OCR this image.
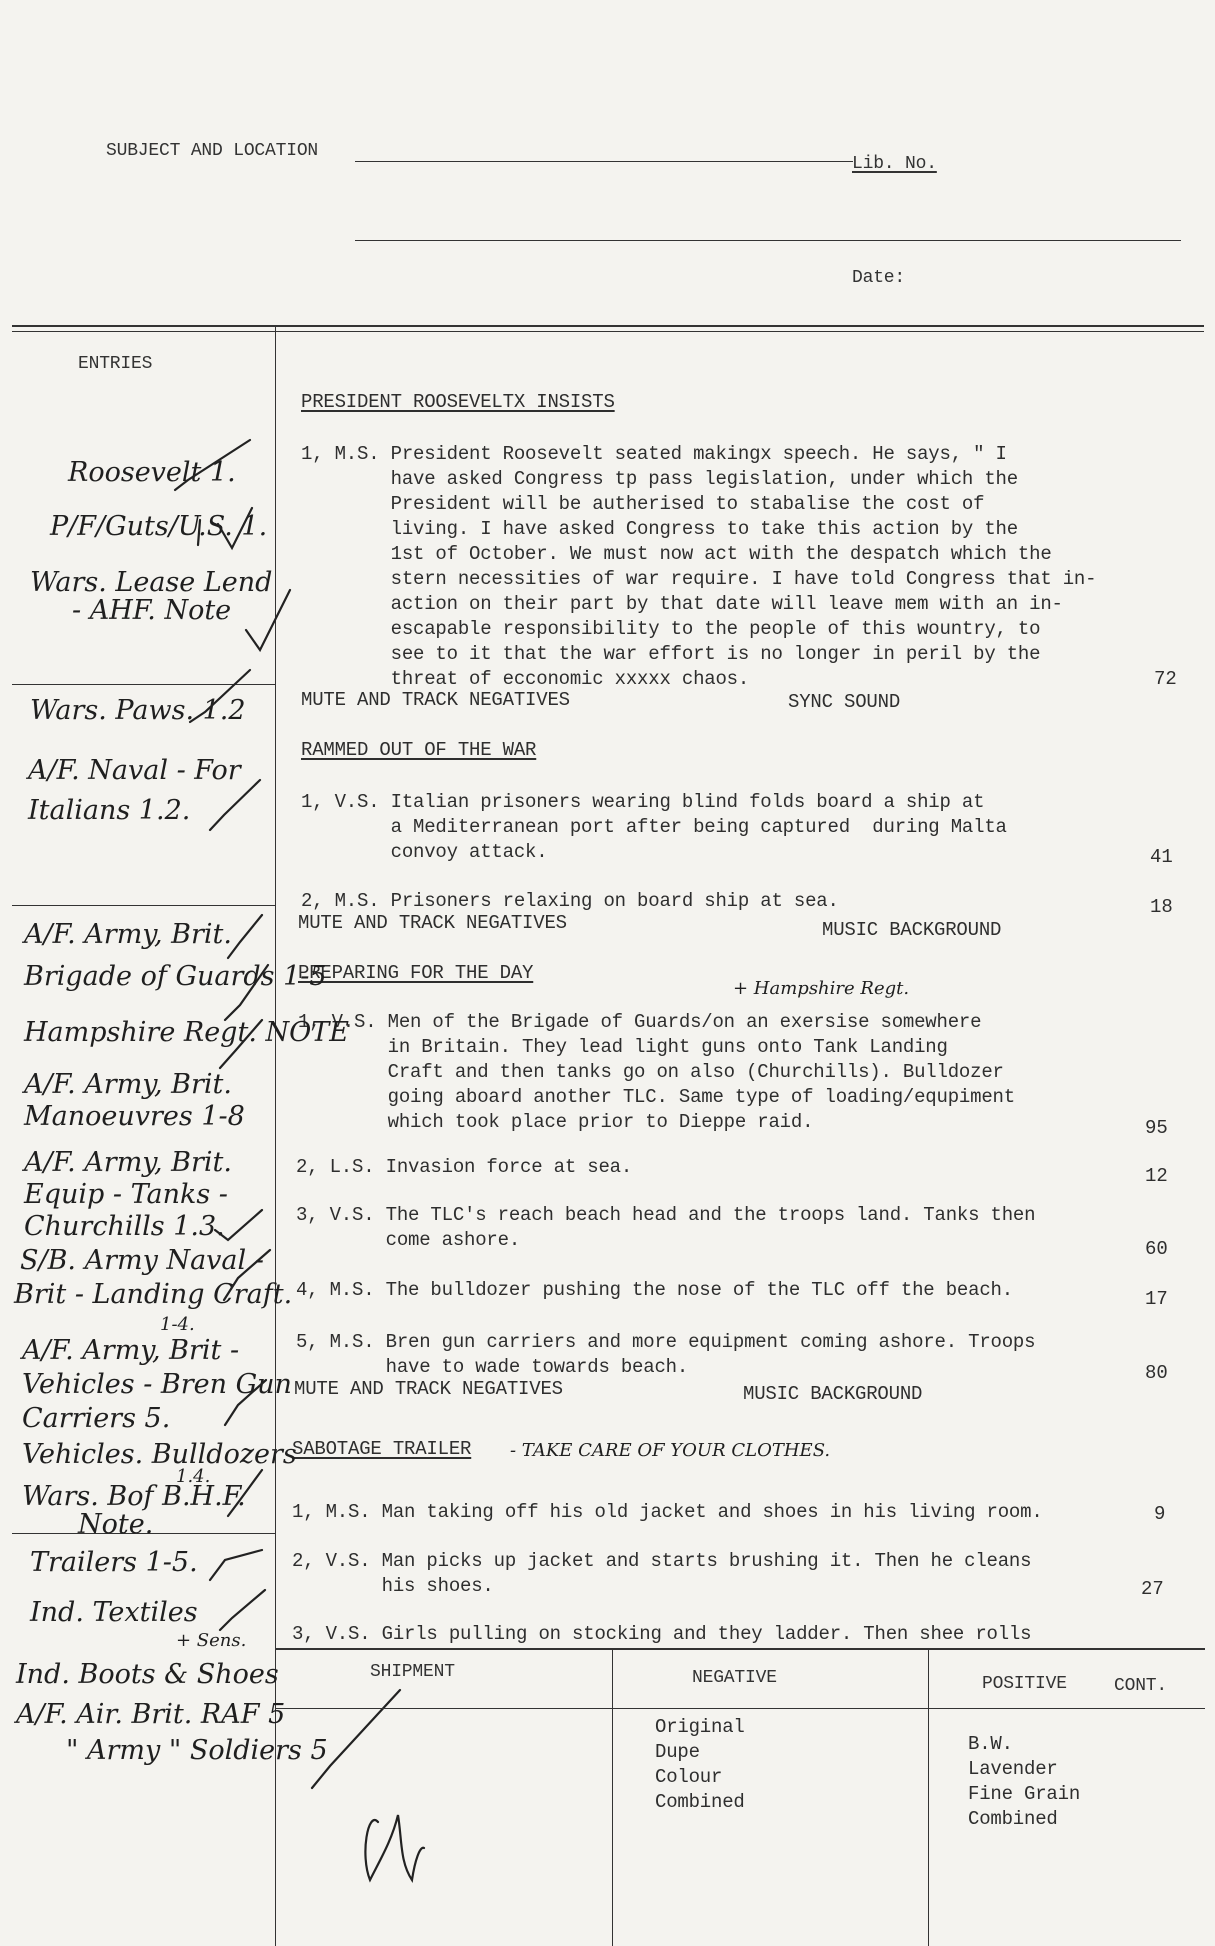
SUBJECT AND LOCATION
Lib. No.
Date:
ENTRIES
PRESIDENT ROOSEVELTX INSISTS
1, M.S. President Roosevelt seated makingx speech. He says, " I
have asked Congress tp pass legislation, under which the
President will be autherised to stabalise the cost of
living. I have asked Congress to take this action by the
1st of October. We must now act with the despatch which the
stern necessities of war require. I have told Congress that in-
action on their part by that date will leave mem with an in-
escapable responsibility to the people of this wountry, to
see to it that the war effort is no longer in peril by the
threat of ecconomic xxxxx chaos.	72
MUTE AND TRACK NEGATIVES	SYNC SOUND
RAMMED OUT OF THE WAR
1, V.S. Italian prisoners wearing blind folds board a ship at
a Mediterranean port after being captured  during Malta
convoy attack.	41
2, M.S. Prisoners relaxing on board ship at sea.	18
MUTE AND TRACK NEGATIVES	MUSIC BACKGROUND
PREPARING FOR THE DAY
+ Hampshire Regt.
1, V.S. Men of the Brigade of Guards/on an exersise somewhere
in Britain. They lead light guns onto Tank Landing
Craft and then tanks go on also (Churchills). Bulldozer
going aboard another TLC. Same type of loading/equpiment
which took place prior to Dieppe raid.	95
2, L.S. Invasion force at sea.	12
3, V.S. The TLC's reach beach head and the troops land. Tanks then
come ashore.	60
4, M.S. The bulldozer pushing the nose of the TLC off the beach.	17
5, M.S. Bren gun carriers and more equipment coming ashore. Troops
have to wade towards beach.	80
MUTE AND TRACK NEGATIVES	MUSIC BACKGROUND
SABOTAGE TRAILER - TAKE CARE OF YOUR CLOTHES.
1, M.S. Man taking off his old jacket and shoes in his living room.	9
2, V.S. Man picks up jacket and starts brushing it. Then he cleans
his shoes.	27
3, V.S. Girls pulling on stocking and they ladder. Then shee rolls
Roosevelt 1.
P/F/Guts/U.S. 1.
Wars. Lease Lend
- AHF. Note
Wars. Paws. 1.2
A/F. Naval - For
Italians 1.2.
A/F. Army, Brit.
Brigade of Guards 1-5
Hampshire Regt. NOTE
A/F. Army, Brit.
Manoeuvres 1-8
A/F. Army, Brit.
Equip - Tanks -
Churchills 1.3.
S/B. Army Naval -
Brit - Landing Craft.
1-4.
A/F. Army, Brit -
Vehicles - Bren Gun
Carriers 5.
Vehicles. Bulldozers
1.4.
Wars. Bof B.H.F.
Note.
Trailers 1-5.
Ind. Textiles
+ Sens.
Ind. Boots & Shoes
A/F. Air. Brit. RAF 5
" Army " Soldiers 5
SHIPMENT	NEGATIVE	POSITIVE	CONT.
Original
Dupe
Colour
Combined
B.W.
Lavender
Fine Grain
Combined
